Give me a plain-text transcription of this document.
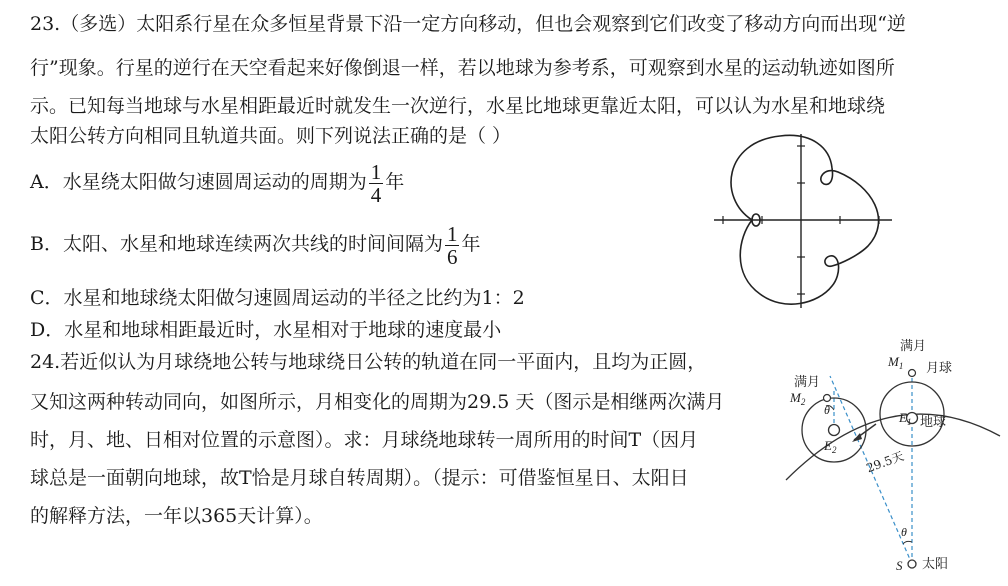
23.（多选）太阳系行星在众多恒星背景下沿一定方向移动，但也会观察到它们改变了移动方向而出现“逆
行”现象。行星的逆行在天空看起来好像倒退一样，若以地球为参考系，可观察到水星的运动轨迹如图所
示。已知每当地球与水星相距最近时就发生一次逆行，水星比地球更靠近太阳，可以认为水星和地球绕
太阳公转方向相同且轨道共面。则下列说法正确的是（ ）
A．水星绕太阳做匀速圆周运动的周期为 $\frac{1}{4}$ 年
B．太阳、水星和地球连续两次共线的时间间隔为 $\frac{1}{6}$ 年
C．水星和地球绕太阳做匀速圆周运动的半径之比约为1：2
D．水星和地球相距最近时，水星相对于地球的速度最小
24.若近似认为月球绕地公转与地球绕日公转的轨道在同一平面内，且均为正圆，
又知这两种转动同向，如图所示，月相变化的周期为29.5 天（图示是相继两次满月
时，月、地、日相对位置的示意图）。求：月球绕地球转一周所用的时间T（因月
球总是一面朝向地球，故T恰是月球自转周期）。（提示：可借鉴恒星日、太阳日
的解释方法，一年以365天计算）。
满月
$M_1$ 月球
满月
$M_2$
θ	$E_1$ 地球
$E_2$ 29.5天
θ
S 太阳
